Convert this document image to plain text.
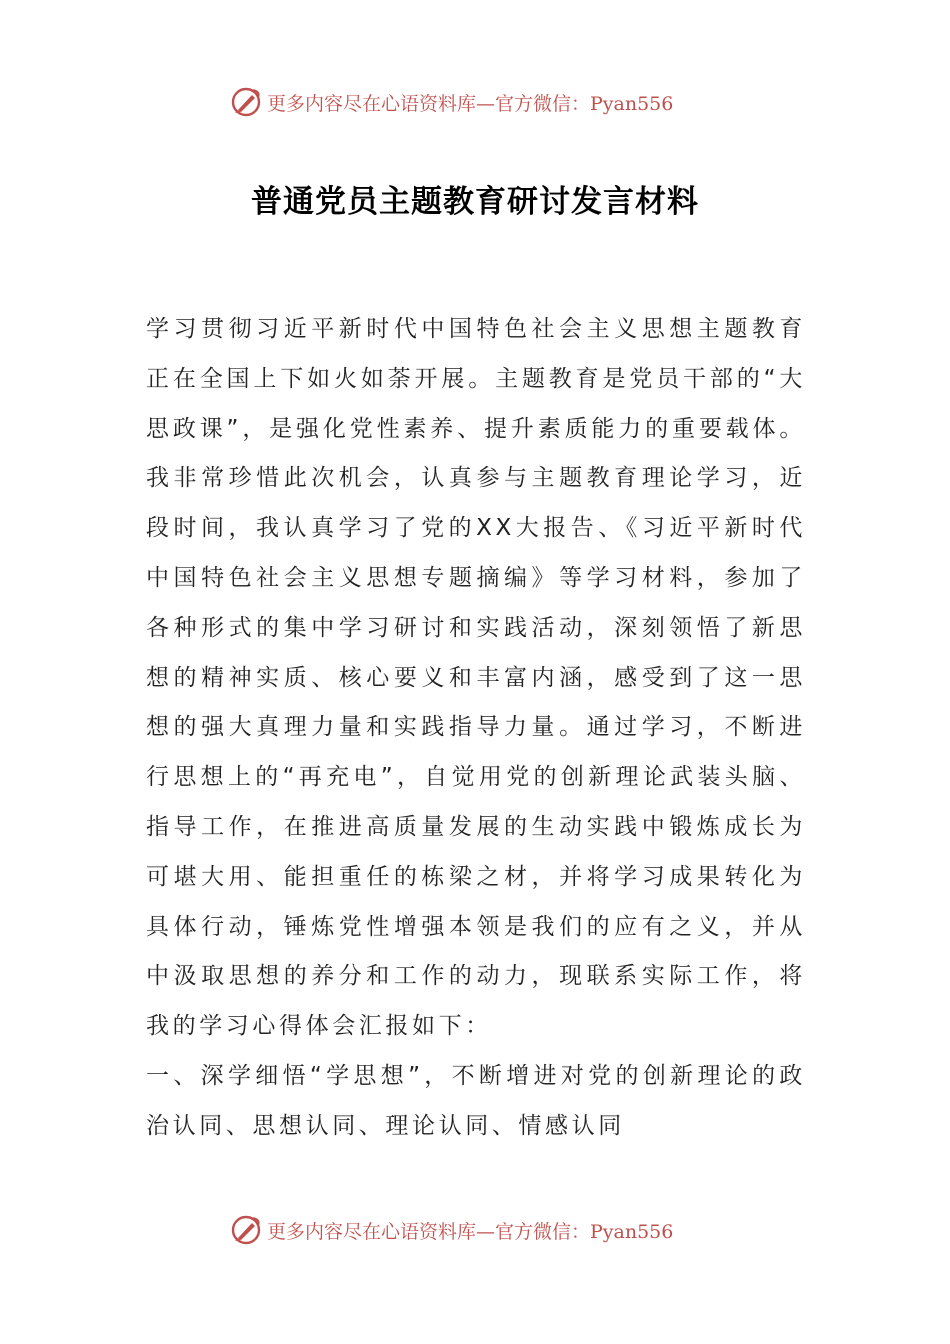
更多内容尽在心语资料库—官方微信：Pyan556
普通党员主题教育研讨发言材料

学习贯彻习近平新时代中国特色社会主义思想主题教育正在全国上下如火如荼开展。主题教育是党员干部的“大思政课”，是强化党性素养、提升素质能力的重要载体。我非常珍惜此次机会，认真参与主题教育理论学习，近段时间，我认真学习了党的XX大报告、《习近平新时代中国特色社会主义思想专题摘编》等学习材料，参加了各种形式的集中学习研讨和实践活动，深刻领悟了新思想的精神实质、核心要义和丰富内涵，感受到了这一思想的强大真理力量和实践指导力量。通过学习，不断进行思想上的“再充电”，自觉用党的创新理论武装头脑、指导工作，在推进高质量发展的生动实践中锻炼成长为可堪大用、能担重任的栋梁之材，并将学习成果转化为具体行动，锤炼党性增强本领是我们的应有之义，并从中汲取思想的养分和工作的动力，现联系实际工作，将我的学习心得体会汇报如下：

一、深学细悟“学思想”，不断增进对党的创新理论的政治认同、思想认同、理论认同、情感认同

更多内容尽在心语资料库—官方微信：Pyan556
